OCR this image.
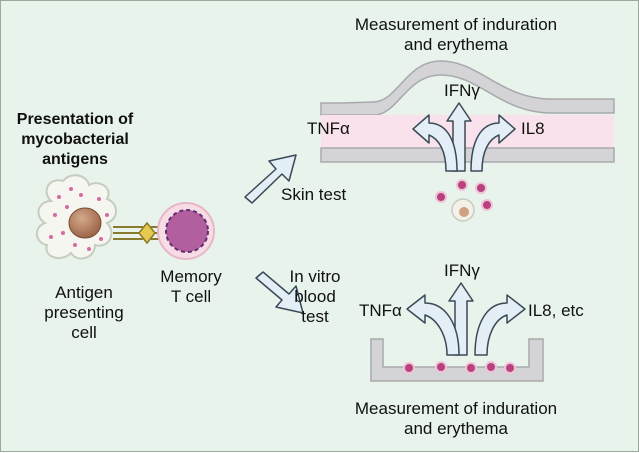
Presentation of
mycobacterial
antigens
Antigen
presenting
cell
Memory
T cell
Skin test
Measurement of induration
and erythema
TNFα
IFNγ
IL8
In vitro
blood
test
IFNγ
TNFα	IL8, etc
Measurement of induration
and erythema
